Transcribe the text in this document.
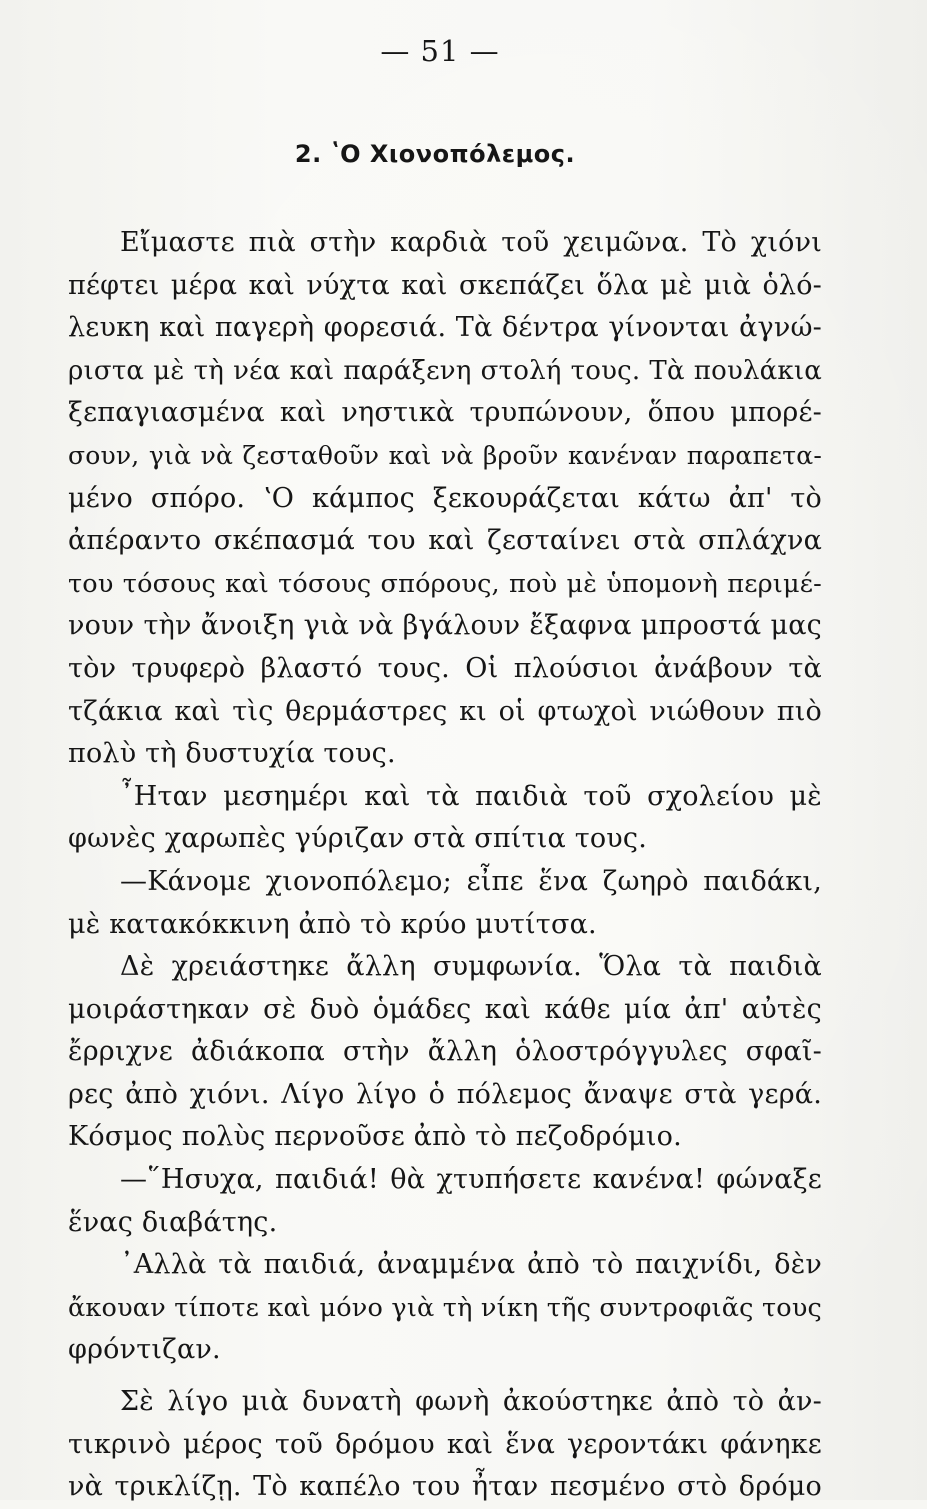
— 51 —
2. ʽΟ Χιονοπόλεμος.
Εἴμαστε πιὰ στὴν καρδιὰ τοῦ χειμῶνα. Τὸ χιόνι
πέφτει μέρα καὶ νύχτα καὶ σκεπάζει ὅλα μὲ μιὰ ὁλό-
λευκη καὶ παγερὴ φορεσιά. Τὰ δέντρα γίνονται ἀγνώ-
ριστα μὲ τὴ νέα καὶ παράξενη στολή τους. Τὰ πουλάκια
ξεπαγιασμένα καὶ νηστικὰ τρυπώνουν, ὅπου μπορέ-
σουν, γιὰ νὰ ζεσταθοῦν καὶ νὰ βροῦν κανέναν παραπετα-
μένο σπόρο. ʽΟ κάμπος ξεκουράζεται κάτω ἀπ' τὸ
ἀπέραντο σκέπασμά του καὶ ζεσταίνει στὰ σπλάχνα
του τόσους καὶ τόσους σπόρους, ποὺ μὲ ὑπομονὴ περιμέ-
νουν τὴν ἄνοιξη γιὰ νὰ βγάλουν ἔξαφνα μπροστά μας
τὸν τρυφερὸ βλαστό τους. Οἱ πλούσιοι ἀνάβουν τὰ
τζάκια καὶ τὶς θερμάστρες κι οἱ φτωχοὶ νιώθουν πιὸ
πολὺ τὴ δυστυχία τους.
῏Ηταν μεσημέρι καὶ τὰ παιδιὰ τοῦ σχολείου μὲ
φωνὲς χαρωπὲς γύριζαν στὰ σπίτια τους.
—Κάνομε χιονοπόλεμο; εἶπε ἕνα ζωηρὸ παιδάκι,
μὲ κατακόκκινη ἀπὸ τὸ κρύο μυτίτσα.
Δὲ χρειάστηκε ἄλλη συμφωνία. Ὅλα τὰ παιδιὰ
μοιράστηκαν σὲ δυὸ ὁμάδες καὶ κάθε μία ἀπ' αὐτὲς
ἔρριχνε ἀδιάκοπα στὴν ἄλλη ὁλοστρόγγυλες σφαῖ-
ρες ἀπὸ χιόνι. Λίγο λίγο ὁ πόλεμος ἄναψε στὰ γερά.
Κόσμος πολὺς περνοῦσε ἀπὸ τὸ πεζοδρόμιο.
—῞Ησυχα, παιδιά! θὰ χτυπήσετε κανένα! φώναξε
ἕνας διαβάτης.
᾿Αλλὰ τὰ παιδιά, ἀναμμένα ἀπὸ τὸ παιχνίδι, δὲν
ἄκουαν τίποτε καὶ μόνο γιὰ τὴ νίκη τῆς συντροφιᾶς τους
φρόντιζαν.
Σὲ λίγο μιὰ δυνατὴ φωνὴ ἀκούστηκε ἀπὸ τὸ ἀν-
τικρινὸ μέρος τοῦ δρόμου καὶ ἕνα γεροντάκι φάνηκε
νὰ τρικλίζῃ. Τὸ καπέλο του ἦταν πεσμένο στὸ δρόμο
